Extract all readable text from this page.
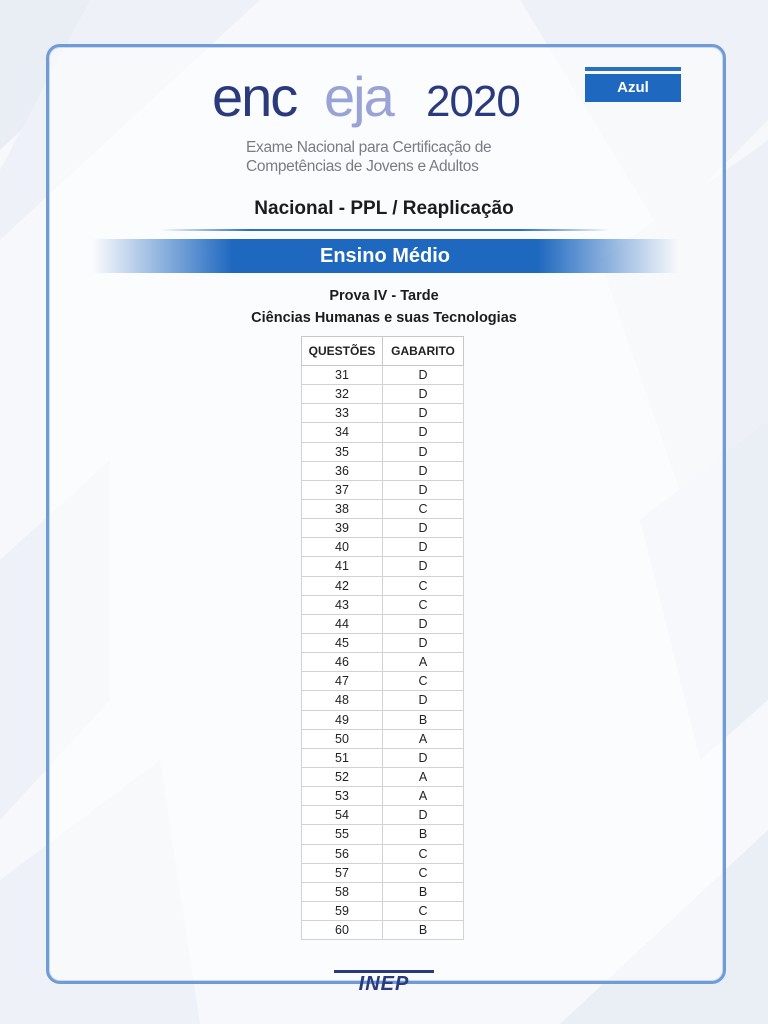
enc eja 2020
Exame Nacional para Certificação de
Competências de Jovens e Adultos
Azul
Nacional - PPL / Reaplicação
Ensino Médio
Prova IV - Tarde
Ciências Humanas e suas Tecnologias
QUESTÕES	GABARITO
31	D
32	D
33	D
34	D
35	D
36	D
37	D
38	C
39	D
40	D
41	D
42	C
43	C
44	D
45	D
46	A
47	C
48	D
49	B
50	A
51	D
52	A
53	A
54	D
55	B
56	C
57	C
58	B
59	C
60	B
INEP
